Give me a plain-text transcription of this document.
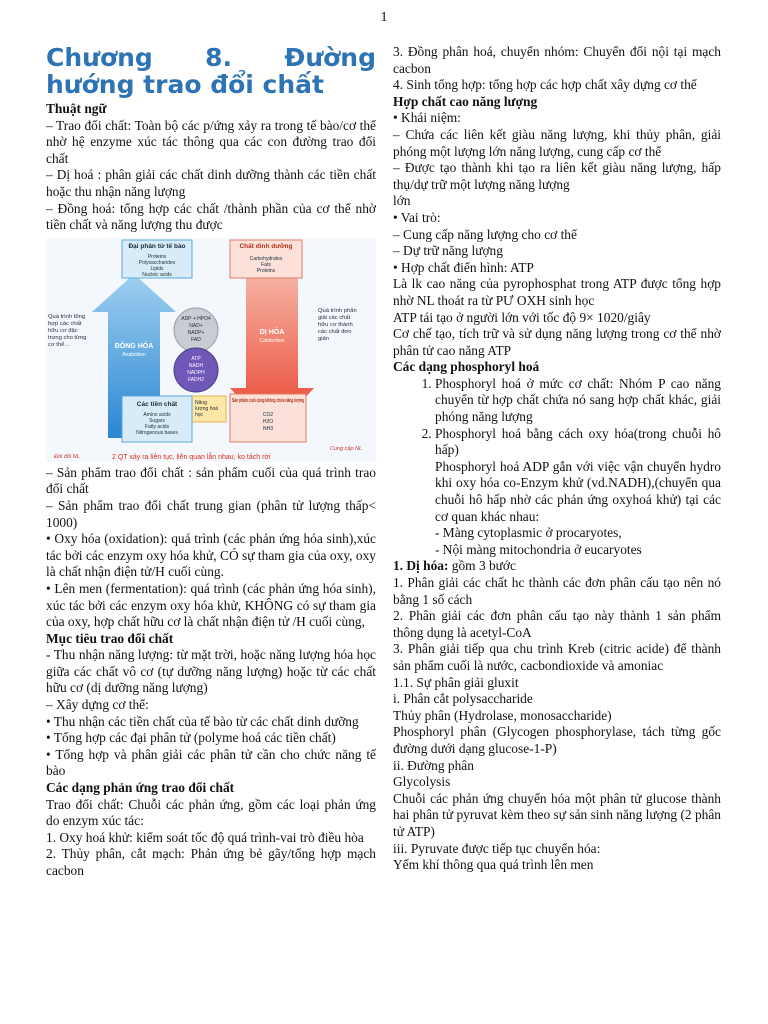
1
Chương 8. Đường
hướng trao đổi chất

Thuật ngữ

– Trao đổi chất: Toàn bộ các p/ứng xảy ra trong tế bào/cơ thể nhờ hệ enzyme xúc tác thông qua các con đường trao đổi chất

– Dị hoá : phân giải các chất dinh dưỡng thành các tiền chất hoặc thu nhận năng lượng

– Đồng hoá: tổng hợp các chất /thành phần của cơ thể nhờ tiền chất và năng lượng thu được

Đại phân tử tế bào
Proteins
Polysaccharides
Lipids
Nucleic acids
Chất dinh dưỡng
Carbohydrates
Fats
Proteins
ADP + HPO4
NAD+
NADP+
FAD
ATP
NADH
NADPH
FADH2
ĐỒNG HÓA
Anabolism
DỊ HÓA
Catabolism
Quá trình tổng
hợp các chất
hữu cơ đặc
trưng cho từng
cơ thể…
Quá trình phân
giải các chất
hữu cơ thành
các chất đơn
giản
Năng
lượng hoá
học
Các tiền chất
Amino acids
Sugars
Fatty acids
Nitrogenous bases
Sản phẩm cuối cùng không chứa năng lượng
CO2
H2O
NH3
Đồi đổi NL
Cung cấp NL
2 QT xảy ra liên tục, liên quan lẫn nhau, ko tách rời

– Sản phẩm trao đổi chất : sản phẩm cuối của quá trình trao đổi chất

– Sản phẩm trao đổi chất trung gian (phân tử lượng thấp< 1000)

• Oxy hóa (oxidation): quá trình (các phản ứng hóa sinh),xúc tác bởi các enzym oxy hóa khử, CÓ sự tham gia của oxy, oxy là chất nhận điện tử/H cuối cùng.

• Lên men (fermentation): quá trình (các phản ứng hóa sinh), xúc tác bởi các enzym oxy hóa khử, KHÔNG có sự tham gia của oxy, hợp chất hữu cơ là chất nhận điện tử /H cuối cùng,

Mục tiêu trao đổi chất

- Thu nhận năng lượng: từ mặt trời, hoặc năng lượng hóa học giữa các chất vô cơ (tự dưỡng năng lượng) hoặc từ các chất hữu cơ (dị dưỡng năng lượng)

– Xây dựng cơ thể:

• Thu nhận các tiền chất của tế bào từ các chất dinh dưỡng

• Tổng hợp các đại phân tử (polyme hoá các tiền chất)

• Tổng hợp và phân giải các phân tử cần cho chức năng tế bào

Các dạng phản ứng trao đổi chất

Trao đổi chất: Chuỗi các phản ứng, gồm các loại phản ứng do enzym xúc tác:

1. Oxy hoá khử: kiểm soát tốc độ quá trình-vai trò điều hòa

2. Thủy phân, cắt mạch: Phản ứng bẻ gãy/tổng hợp mạch cacbon

3. Đồng phân hoá, chuyển nhóm: Chuyển đổi nội tại mạch cacbon

4. Sinh tổng hợp: tổng hợp các hợp chất xây dựng cơ thể

Hợp chất cao năng lượng

• Khái niệm:

– Chứa các liên kết giàu năng lượng, khi thủy phân, giải phóng một lượng lớn năng lượng, cung cấp cơ thể

– Được tạo thành khi tạo ra liên kết giàu năng lượng, hấp thụ/dự trữ một lượng năng lượng

lớn

• Vai trò:

– Cung cấp năng lượng cho cơ thể

– Dự trữ năng lượng

• Hợp chất điển hình: ATP

Là lk cao năng của pyrophosphat trong ATP được tổng hợp nhờ NL thoát ra từ PƯ OXH sinh học

ATP tái tạo ở người lớn với tốc độ 9× 1020/giây

Cơ chế tạo, tích trữ và sử dụng năng lượng trong cơ thể nhờ phân tử cao năng ATP

Các dạng phosphoryl hoá

1. Phosphoryl hoá ở mức cơ chất: Nhóm P cao năng chuyển từ hợp chất chứa nó sang hợp chất khác, giải phóng năng lượng
2. Phosphoryl hoá bằng cách oxy hóa(trong chuỗi hô hấp)
Phosphoryl hoá ADP gắn với việc vận chuyển hydro khi oxy hóa co-Enzym khử (vd.NADH),(chuyển qua chuỗi hô hấp nhờ các phản ứng oxyhoá khử) tại các cơ quan khác nhau:
- Màng cytoplasmic ở procaryotes,
- Nội màng mitochondria ở eucaryotes

1. Dị hóa: gồm 3 bước

1. Phân giải các chất hc thành các đơn phân cấu tạo nên nó bằng 1 số cách

2. Phân giải các đơn phân cấu tạo này thành 1 sản phẩm thông dụng là acetyl-CoA

3. Phân giải tiếp qua chu trình Kreb (citric acide) để thành sản phẩm cuối là nước, cacbondioxide và amoniac

1.1. Sự phân giải gluxit

i. Phân cắt polysaccharide

Thủy phân (Hydrolase, monosaccharide)

Phosphoryl phân (Glycogen phosphorylase, tách từng gốc đường dưới dạng glucose-1-P)

ii. Đường phân

Glycolysis

Chuỗi các phản ứng chuyển hóa một phân tử glucose thành hai phân tử pyruvat kèm theo sự sản sinh năng lượng (2 phân tử ATP)

iii. Pyruvate được tiếp tục chuyển hóa:

Yếm khí thông qua quá trình lên men
